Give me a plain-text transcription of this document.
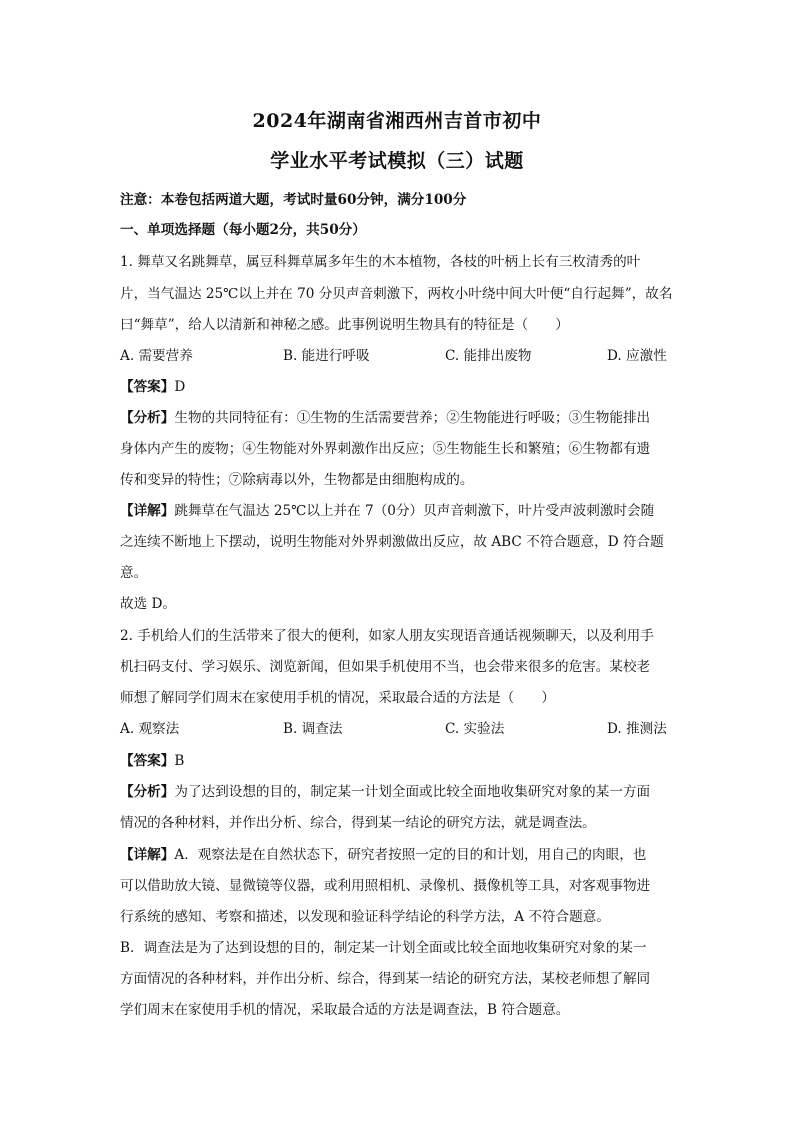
2024年湖南省湘西州吉首市初中
学业水平考试模拟（三）试题
注意：本卷包括两道大题，考试时量60分钟，满分100分
一、单项选择题（每小题2分，共50分）
1. 舞草又名跳舞草，属豆科舞草属多年生的木本植物，各枝的叶柄上长有三枚清秀的叶
片，当气温达 25℃以上并在 70 分贝声音刺激下，两枚小叶绕中间大叶便“自行起舞”，故名
曰“舞草”，给人以清新和神秘之感。此事例说明生物具有的特征是（　　）
A. 需要营养	B. 能进行呼吸	C. 能排出废物	D. 应激性
【答案】D
【分析】生物的共同特征有：①生物的生活需要营养；②生物能进行呼吸；③生物能排出
身体内产生的废物；④生物能对外界刺激作出反应；⑤生物能生长和繁殖；⑥生物都有遗
传和变异的特性；⑦除病毒以外，生物都是由细胞构成的。
【详解】跳舞草在气温达 25℃以上并在 7（0分）贝声音刺激下，叶片受声波刺激时会随
之连续不断地上下摆动，说明生物能对外界刺激做出反应，故 ABC 不符合题意，D 符合题
意。
故选 D。
2. 手机给人们的生活带来了很大的便利，如家人朋友实现语音通话视频聊天，以及利用手
机扫码支付、学习娱乐、浏览新闻，但如果手机使用不当，也会带来很多的危害。某校老
师想了解同学们周末在家使用手机的情况，采取最合适的方法是（　　）
A. 观察法	B. 调查法	C. 实验法	D. 推测法
【答案】B
【分析】为了达到设想的目的，制定某一计划全面或比较全面地收集研究对象的某一方面
情况的各种材料，并作出分析、综合，得到某一结论的研究方法，就是调查法。
【详解】A．观察法是在自然状态下，研究者按照一定的目的和计划，用自己的肉眼，也
可以借助放大镜、显微镜等仪器，或利用照相机、录像机、摄像机等工具，对客观事物进
行系统的感知、考察和描述，以发现和验证科学结论的科学方法，A 不符合题意。
B．调查法是为了达到设想的目的，制定某一计划全面或比较全面地收集研究对象的某一
方面情况的各种材料，并作出分析、综合，得到某一结论的研究方法，某校老师想了解同
学们周末在家使用手机的情况，采取最合适的方法是调查法，B 符合题意。
